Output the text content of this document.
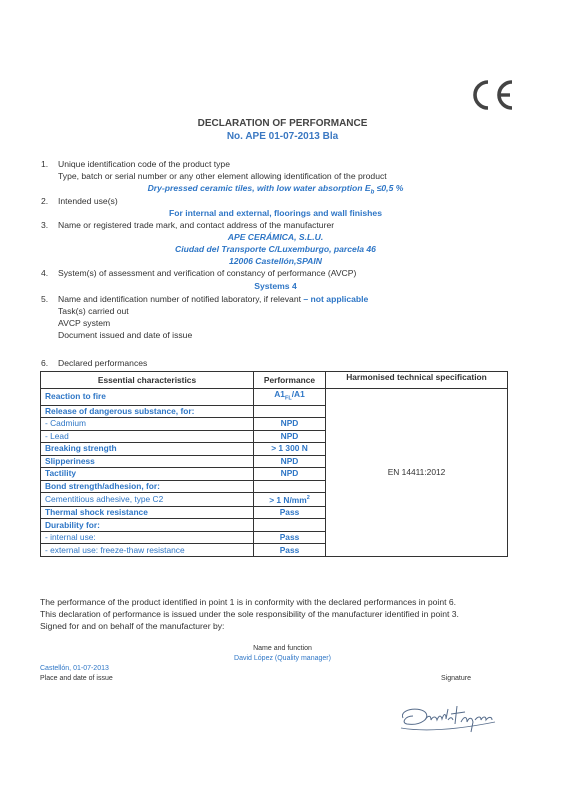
DECLARATION OF PERFORMANCE
No. APE 01-07-2013 Bla
1. Unique identification code of the product type
Type, batch or serial number or any other element allowing identification of the product
Dry-pressed ceramic tiles, with low water absorption $E_b \le 0,5$ %
2. Intended use(s)
For internal and external, floorings and wall finishes
3. Name or registered trade mark, and contact address of the manufacturer
APE CERÁMICA, S.L.U.
Ciudad del Transporte C/Luxemburgo, parcela 46
12006 Castellón,SPAIN
4. System(s) of assessment and verification of constancy of performance (AVCP)
Systems 4
5. Name and identification number of notified laboratory, if relevant – not applicable
Task(s) carried out
AVCP system
Document issued and date of issue
6. Declared performances
Essential characteristics	Performance	Harmonised technical specification
Reaction to fire	$A1_{FL}/A1$	EN 14411:2012
Release of dangerous substance, for:		
- Cadmium	NPD	
- Lead	NPD	
Breaking strength	> 1 300 N	
Slipperiness	NPD	
Tactility	NPD	
Bond strength/adhesion, for:		
Cementitious adhesive, type C2	> 1 $N/mm^2$
Thermal shock resistance	Pass	
Durability for:		
- internal use:	Pass	
- external use: freeze-thaw resistance	Pass	
The performance of the product identified in point 1 is in conformity with the declared performances in point 6.
This declaration of performance is issued under the sole responsibility of the manufacturer identified in point 3.
Signed for and on behalf of the manufacturer by:
Name and function
David López (Quality manager)
Castellón, 01-07-2013
Place and date of issue	Signature
